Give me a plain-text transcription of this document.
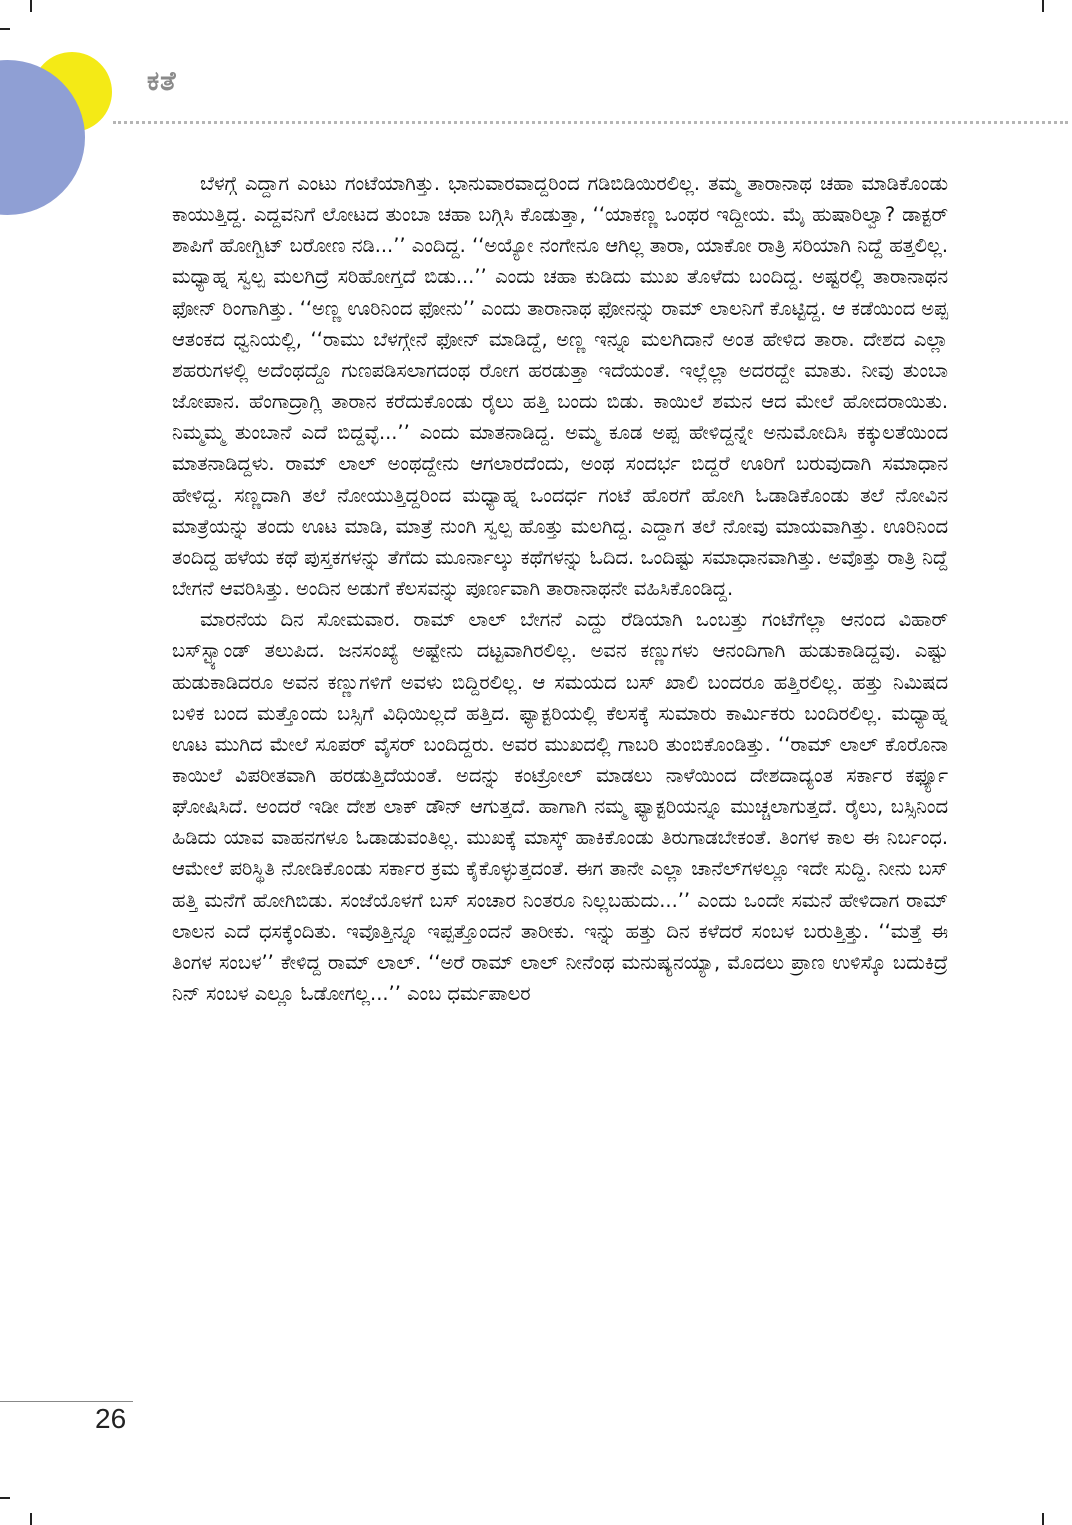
ಕತೆ

ಬೆಳಗ್ಗೆ ಎದ್ದಾಗ ಎಂಟು ಗಂಟೆಯಾಗಿತ್ತು. ಭಾನುವಾರವಾದ್ದರಿಂದ ಗಡಿಬಿಡಿಯಿರಲಿಲ್ಲ. ತಮ್ಮ ತಾರಾನಾಥ ಚಹಾ ಮಾಡಿಕೊಂಡು ಕಾಯುತ್ತಿದ್ದ. ಎದ್ದವನಿಗೆ ಲೋಟದ ತುಂಬಾ ಚಹಾ ಬಗ್ಗಿಸಿ ಕೊಡುತ್ತಾ, ‘‘ಯಾಕಣ್ಣ ಒಂಥರ ಇದ್ದೀಯ. ಮೈ ಹುಷಾರಿಲ್ವಾ? ಡಾಕ್ಟರ್ ಶಾಪಿಗೆ ಹೋಗ್ಬಿಟ್ ಬರೋಣ ನಡಿ...’’ ಎಂದಿದ್ದ. ‘‘ಅಯ್ಯೋ ನಂಗೇನೂ ಆಗಿಲ್ಲ ತಾರಾ, ಯಾಕೋ ರಾತ್ರಿ ಸರಿಯಾಗಿ ನಿದ್ದೆ ಹತ್ತಲಿಲ್ಲ. ಮಧ್ಯಾಹ್ನ ಸ್ವಲ್ಪ ಮಲಗಿದ್ರೆ ಸರಿಹೋಗ್ತದೆ ಬಿಡು...’’ ಎಂದು ಚಹಾ ಕುಡಿದು ಮುಖ ತೊಳೆದು ಬಂದಿದ್ದ. ಅಷ್ಟರಲ್ಲಿ ತಾರಾನಾಥನ ಫೋನ್ ರಿಂಗಾಗಿತ್ತು. ‘‘ಅಣ್ಣ ಊರಿನಿಂದ ಫೋನು’’ ಎಂದು ತಾರಾನಾಥ ಫೋನನ್ನು ರಾಮ್ ಲಾಲನಿಗೆ ಕೊಟ್ಟಿದ್ದ. ಆ ಕಡೆಯಿಂದ ಅಪ್ಪ ಆತಂಕದ ಧ್ವನಿಯಲ್ಲಿ, ‘‘ರಾಮು ಬೆಳಗ್ಗೇನೆ ಫೋನ್ ಮಾಡಿದ್ದೆ, ಅಣ್ಣ ಇನ್ನೂ ಮಲಗಿದಾನೆ ಅಂತ ಹೇಳಿದ ತಾರಾ. ದೇಶದ ಎಲ್ಲಾ ಶಹರುಗಳಲ್ಲಿ ಅದೆಂಥದ್ದೊ ಗುಣಪಡಿಸಲಾಗದಂಥ ರೋಗ ಹರಡುತ್ತಾ ಇದೆಯಂತೆ. ಇಲ್ಲೆಲ್ಲಾ ಅದರದ್ದೇ ಮಾತು. ನೀವು ತುಂಬಾ ಜೋಪಾನ. ಹೆಂಗಾದ್ರಾಗ್ಲಿ ತಾರಾನ ಕರೆದುಕೊಂಡು ರೈಲು ಹತ್ತಿ ಬಂದು ಬಿಡು. ಕಾಯಿಲೆ ಶಮನ ಆದ ಮೇಲೆ ಹೋದರಾಯಿತು. ನಿಮ್ಮಮ್ಮ ತುಂಬಾನೆ ಎದೆ ಬಿದ್ದವ್ಳೆ...’’ ಎಂದು ಮಾತನಾಡಿದ್ದ. ಅಮ್ಮ ಕೂಡ ಅಪ್ಪ ಹೇಳಿದ್ದನ್ನೇ ಅನುಮೋದಿಸಿ ಕಕ್ಕುಲತೆಯಿಂದ ಮಾತನಾಡಿದ್ದಳು. ರಾಮ್ ಲಾಲ್ ಅಂಥದ್ದೇನು ಆಗಲಾರದೆಂದು, ಅಂಥ ಸಂದರ್ಭ ಬಿದ್ದರೆ ಊರಿಗೆ ಬರುವುದಾಗಿ ಸಮಾಧಾನ ಹೇಳಿದ್ದ. ಸಣ್ಣದಾಗಿ ತಲೆ ನೋಯುತ್ತಿದ್ದರಿಂದ ಮಧ್ಯಾಹ್ನ ಒಂದರ್ಧ ಗಂಟೆ ಹೊರಗೆ ಹೋಗಿ ಓಡಾಡಿಕೊಂಡು ತಲೆ ನೋವಿನ ಮಾತ್ರೆಯನ್ನು ತಂದು ಊಟ ಮಾಡಿ, ಮಾತ್ರೆ ನುಂಗಿ ಸ್ವಲ್ಪ ಹೊತ್ತು ಮಲಗಿದ್ದ. ಎದ್ದಾಗ ತಲೆ ನೋವು ಮಾಯವಾಗಿತ್ತು. ಊರಿನಿಂದ ತಂದಿದ್ದ ಹಳೆಯ ಕಥೆ ಪುಸ್ತಕಗಳನ್ನು ತೆಗೆದು ಮೂರ್ನಾಲ್ಕು ಕಥೆಗಳನ್ನು ಓದಿದ. ಒಂದಿಷ್ಟು ಸಮಾಧಾನವಾಗಿತ್ತು. ಅವೊತ್ತು ರಾತ್ರಿ ನಿದ್ದೆ ಬೇಗನೆ ಆವರಿಸಿತ್ತು. ಅಂದಿನ ಅಡುಗೆ ಕೆಲಸವನ್ನು ಪೂರ್ಣವಾಗಿ ತಾರಾನಾಥನೇ ವಹಿಸಿಕೊಂಡಿದ್ದ.

ಮಾರನೆಯ ದಿನ ಸೋಮವಾರ. ರಾಮ್ ಲಾಲ್ ಬೇಗನೆ ಎದ್ದು ರೆಡಿಯಾಗಿ ಒಂಬತ್ತು ಗಂಟೆಗೆಲ್ಲಾ ಆನಂದ ವಿಹಾರ್ ಬಸ್‌ಸ್ಟ್ಯಾಂಡ್ ತಲುಪಿದ. ಜನಸಂಖ್ಯೆ ಅಷ್ಟೇನು ದಟ್ಟವಾಗಿರಲಿಲ್ಲ. ಅವನ ಕಣ್ಣುಗಳು ಆನಂದಿಗಾಗಿ ಹುಡುಕಾಡಿದ್ದವು. ಎಷ್ಟು ಹುಡುಕಾಡಿದರೂ ಅವನ ಕಣ್ಣುಗಳಿಗೆ ಅವಳು ಬಿದ್ದಿರಲಿಲ್ಲ. ಆ ಸಮಯದ ಬಸ್ ಖಾಲಿ ಬಂದರೂ ಹತ್ತಿರಲಿಲ್ಲ. ಹತ್ತು ನಿಮಿಷದ ಬಳಿಕ ಬಂದ ಮತ್ತೊಂದು ಬಸ್ಸಿಗೆ ವಿಧಿಯಿಲ್ಲದೆ ಹತ್ತಿದ. ಫ್ಯಾಕ್ಟರಿಯಲ್ಲಿ ಕೆಲಸಕ್ಕೆ ಸುಮಾರು ಕಾರ್ಮಿಕರು ಬಂದಿರಲಿಲ್ಲ. ಮಧ್ಯಾಹ್ನ ಊಟ ಮುಗಿದ ಮೇಲೆ ಸೂಪರ್ ವೈಸರ್ ಬಂದಿದ್ದರು. ಅವರ ಮುಖದಲ್ಲಿ ಗಾಬರಿ ತುಂಬಿಕೊಂಡಿತ್ತು. ‘‘ರಾಮ್ ಲಾಲ್ ಕೊರೊನಾ ಕಾಯಿಲೆ ವಿಪರೀತವಾಗಿ ಹರಡುತ್ತಿದೆಯಂತೆ. ಅದನ್ನು ಕಂಟ್ರೋಲ್ ಮಾಡಲು ನಾಳೆಯಿಂದ ದೇಶದಾದ್ಯಂತ ಸರ್ಕಾರ ಕರ್ಫ್ಯೂ ಘೋಷಿಸಿದೆ. ಅಂದರೆ ಇಡೀ ದೇಶ ಲಾಕ್ ಡೌನ್ ಆಗುತ್ತದೆ. ಹಾಗಾಗಿ ನಮ್ಮ ಫ್ಯಾಕ್ಟರಿಯನ್ನೂ ಮುಚ್ಚಲಾಗುತ್ತದೆ. ರೈಲು, ಬಸ್ಸಿನಿಂದ ಹಿಡಿದು ಯಾವ ವಾಹನಗಳೂ ಓಡಾಡುವಂತಿಲ್ಲ. ಮುಖಕ್ಕೆ ಮಾಸ್ಕ್ ಹಾಕಿಕೊಂಡು ತಿರುಗಾಡಬೇಕಂತೆ. ತಿಂಗಳ ಕಾಲ ಈ ನಿರ್ಬಂಧ. ಆಮೇಲೆ ಪರಿಸ್ಥಿತಿ ನೋಡಿಕೊಂಡು ಸರ್ಕಾರ ಕ್ರಮ ಕೈಕೊಳ್ಳುತ್ತದಂತೆ. ಈಗ ತಾನೇ ಎಲ್ಲಾ ಚಾನೆಲ್‌ಗಳಲ್ಲೂ ಇದೇ ಸುದ್ದಿ. ನೀನು ಬಸ್ ಹತ್ತಿ ಮನೆಗೆ ಹೋಗಿಬಿಡು. ಸಂಜೆಯೊಳಗೆ ಬಸ್ ಸಂಚಾರ ನಿಂತರೂ ನಿಲ್ಲಬಹುದು...’’ ಎಂದು ಒಂದೇ ಸಮನೆ ಹೇಳಿದಾಗ ರಾಮ್ ಲಾಲನ ಎದೆ ಧಸಕ್ಕೆಂದಿತು. ಇವೊತ್ತಿನ್ನೂ ಇಪ್ಪತ್ತೊಂದನೆ ತಾರೀಕು. ಇನ್ನು ಹತ್ತು ದಿನ ಕಳೆದರೆ ಸಂಬಳ ಬರುತ್ತಿತ್ತು. ‘‘ಮತ್ತೆ ಈ ತಿಂಗಳ ಸಂಬಳ’’ ಕೇಳಿದ್ದ ರಾಮ್ ಲಾಲ್. ‘‘ಅರೆ ರಾಮ್ ಲಾಲ್ ನೀನೆಂಥ ಮನುಷ್ಯನಯ್ಯಾ, ಮೊದಲು ಪ್ರಾಣ ಉಳಿಸ್ಕೊ ಬದುಕಿದ್ರೆ ನಿನ್ ಸಂಬಳ ಎಲ್ಲೂ ಓಡೋಗಲ್ಲ...’’ ಎಂಬ ಧರ್ಮಪಾಲರ

26
